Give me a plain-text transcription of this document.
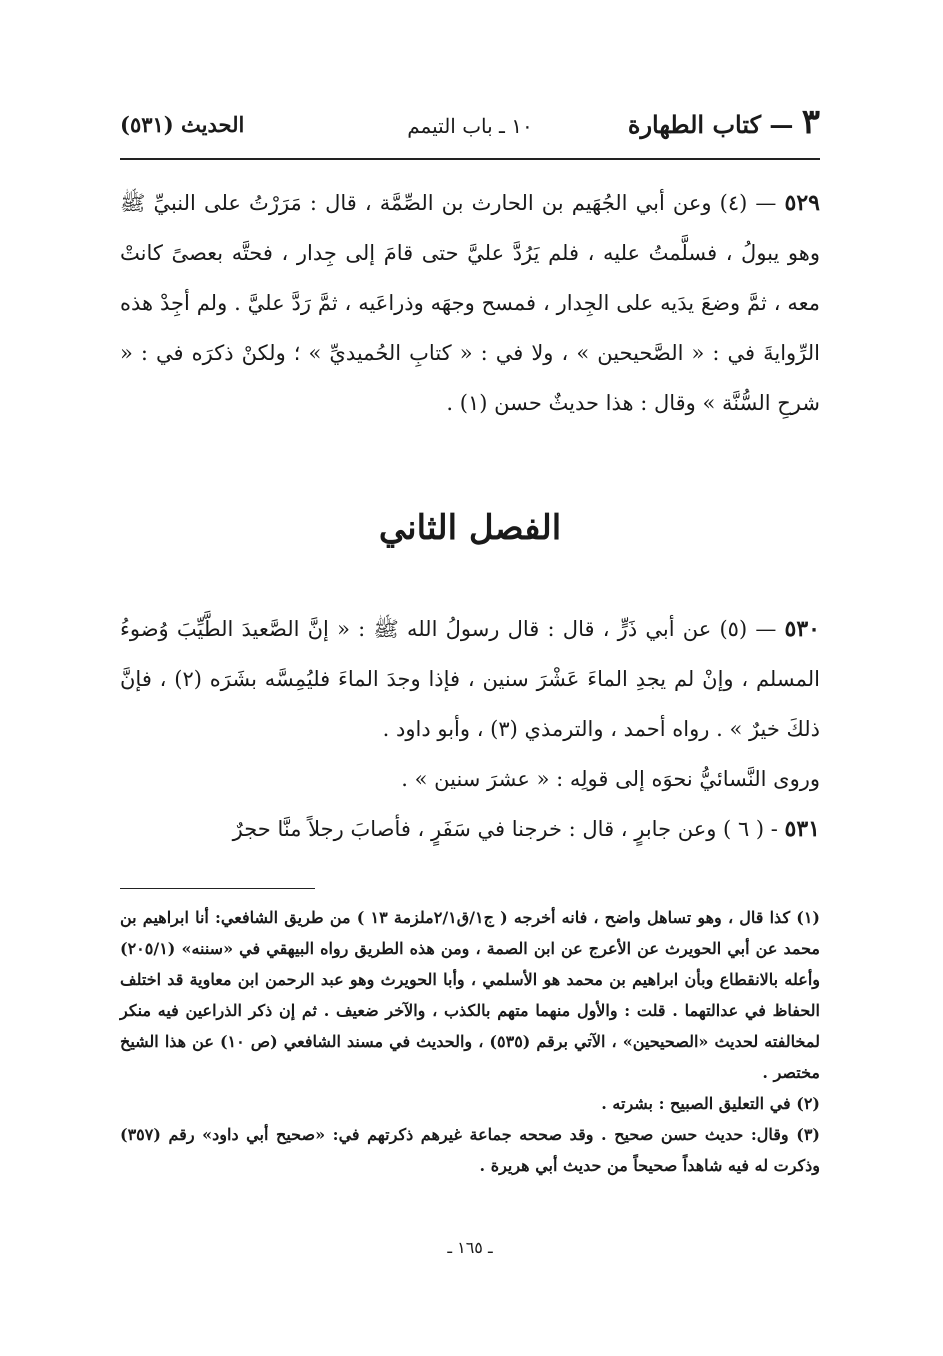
٣ — كتاب الطهارة
١٠ ـ باب التيمم
الحديث (٥٣١)

٥٢٩ — (٤) وعن أبي الجُهَيم بن الحارث بن الصِّمَّة ، قال : مَرَرْتُ على النبيِّ ﷺ وهو يبولُ ، فسلَّمتُ عليه ، فلم يَرُدَّ عليَّ حتى قامَ إلى جِدار ، فحتَّه بعصىً كانتْ معه ، ثمَّ وضعَ يدَيه على الجِدار ، فمسح وجهَه وذراعَيه ، ثمَّ رَدَّ عليَّ . ولم أجِدْ هذه الرِّوايةَ في : « الصَّحيحين » ، ولا في : « كتابِ الحُميديِّ » ؛ ولكنْ ذكرَه في : « شرحِ السُّنَّة » وقال : هذا حديثٌ حسن (١) .

الفصل الثاني

٥٣٠ — (٥) عن أبي ذَرٍّ ، قال : قال رسولُ الله ﷺ : « إنَّ الصَّعيدَ الطَّيِّبَ وُضوءُ المسلم ، وإنْ لم يجدِ الماءَ عَشْرَ سنين ، فإذا وجدَ الماءَ فليُمِسَّه بشَرَه (٢) ، فإنَّ ذلكَ خيرٌ » . رواه أحمد ، والترمذي (٣) ، وأبو داود .

وروى النَّسائيُّ نحوَه إلى قولِه : « عشرَ سنين » .

٥٣١ - ( ٦ ) وعن جابرٍ ، قال : خرجنا في سَفَرٍ ، فأصابَ رجلاً منَّا حجرٌ

(١) كذا قال ، وهو تساهل واضح ، فانه أخرجه ( ج١/ق٢/١ملزمة ١٣ ) من طريق الشافعي: أنا ابراهيم بن محمد عن أبي الحويرث عن الأعرج عن ابن الصمة ، ومن هذه الطريق رواه البيهقي في «سننه» (٢٠٥/١) وأعله بالانقطاع وبأن ابراهيم بن محمد هو الأسلمي ، وأبا الحويرث وهو عبد الرحمن ابن معاوية قد اختلف الحفاظ في عدالتهما . قلت : والأول منهما متهم بالكذب ، والآخر ضعيف . ثم إن ذكر الذراعين فيه منكر لمخالفته لحديث «الصحيحين» ، الآتي برقم (٥٣٥) ، والحديث في مسند الشافعي (ص ١٠) عن هذا الشيخ مختصر .

(٢) في التعليق الصبيح : بشرته .

(٣) وقال: حديث حسن صحيح . وقد صححه جماعة غيرهم ذكرتهم في: «صحيح أبي داود» رقم (٣٥٧) وذكرت له فيه شاهداً صحيحاً من حديث أبي هريرة .

ـ ١٦٥ ـ
